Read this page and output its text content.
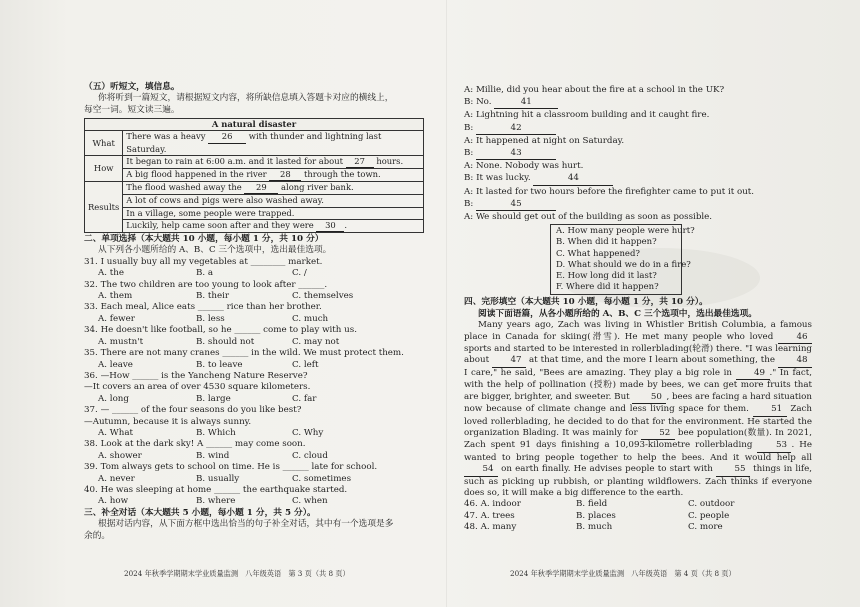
（五）听短文，填信息。
你将听到一篇短文，请根据短文内容，将所缺信息填入答题卡对应的横线上，
每空一词。短文读三遍。
A natural disaster	
What	There was a heavy 26 with thunder and lightning last Saturday.
How	It began to rain at 6:00 a.m. and it lasted for about 27 hours.
	A big flood happened in the river 28 through the town.
Results	The flood washed away the 29 along river bank.
	A lot of cows and pigs were also washed away.
	In a village, some people were trapped.
	Luckily, help came soon after and they were 30 .
二、单项选择（本大题共 10 小题，每小题 1 分，共 10 分）
从下列各小题所给的 A、B、C 三个选项中，选出最佳选项。
31. I usually buy all my vegetables at ________ market.
A. the	B. a	C. /
32. The two children are too young to look after ______.
A. them	B. their	C. themselves
33. Each meal, Alice eats ______ rice than her brother.
A. fewer	B. less	C. much
34. He doesn't like football, so he ______ come to play with us.
A. mustn't	B. should not	C. may not
35. There are not many cranes ______ in the wild. We must protect them.
A. leave	B. to leave	C. left
36. —How ______ is the Yancheng Nature Reserve?
—It covers an area of over 4530 square kilometers.
A. long	B. large	C. far
37. — ______ of the four seasons do you like best?
—Autumn, because it is always sunny.
A. What	B. Which	C. Why
38. Look at the dark sky! A ______ may come soon.
A. shower	B. wind	C. cloud
39. Tom always gets to school on time. He is ______ late for school.
A. never	B. usually	C. sometimes
40. He was sleeping at home ______ the earthquake started.
A. how	B. where	C. when
三、补全对话（本大题共 5 小题，每小题 1 分，共 5 分）。
根据对话内容，从下面方框中选出恰当的句子补全对话，其中有一个选项是多
余的。
2024 年秋季学期期末学业质量监测　八年级英语　第 3 页（共 8 页）
A: Millie, did you hear about the fire at a school in the UK?
B: No.	41
A: Lightning hit a classroom building and it caught fire.
B:	42
A: It happened at night on Saturday.
B:	43
A: None. Nobody was hurt.
B: It was lucky.	44
A: It lasted for two hours before the firefighter came to put it out.
B:	45
A: We should get out of the building as soon as possible.
A. How many people were hurt?
B. When did it happen?
C. What happened?
D. What should we do in a fire?
E. How long did it last?
F. Where did it happen?
四、完形填空（本大题共 10 小题，每小题 1 分，共 10 分）。
阅读下面语篇，从各小题所给的 A、B、C 三个选项中，选出最佳选项。
Many years ago, Zach was living in Whistler British Columbia, a famous place in Canada for skiing(滑雪). He met many people who loved	46 sports and started to be interested in rollerblading(轮滑) there. "I was learning about 47 at that time, and the more I learn about something, the 48 I care," he said, "Bees are amazing. They play a big role in	49 ." In fact, with the help of pollination (授粉) made by bees, we can get more fruits that are bigger, brighter, and sweeter. But 50 , bees are facing a hard situation now because of climate change and less living space for them.	51 Zach loved rollerblading, he decided to do that for the environment. He started the organization Blading. It was mainly for 52 bee population(数量). In 2021, Zach spent 91 days finishing a 10,093-kilometre rollerblading	53 . He wanted to bring people together to help the bees. And it would help all 54 on earth finally. He advises people to start with 55 things in life, such as picking up rubbish, or planting wildflowers. Zach thinks if everyone does so, it will make a big difference to the earth.
46. A. indoor	B. field	C. outdoor
47. A. trees	B. places	C. people
48. A. many	B. much	C. more
2024 年秋季学期期末学业质量监测　八年级英语　第 4 页（共 8 页）
